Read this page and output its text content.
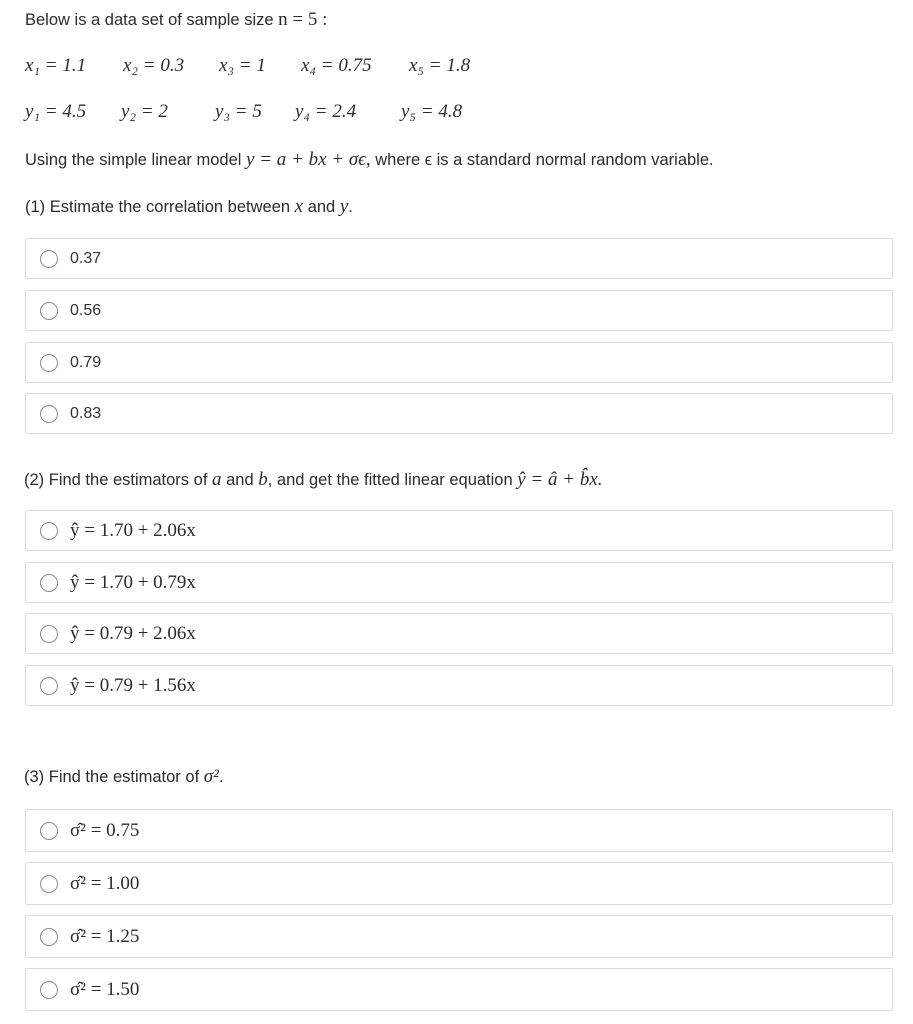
Below is a data set of sample size n = 5 :
x₁ = 1.1 x₂ = 0.3 x₃ = 1 x₄ = 0.75 x₅ = 1.8
y₁ = 4.5 y₂ = 2 y₃ = 5 y₄ = 2.4 y₅ = 4.8
Using the simple linear model y = a + bx + σϵ, where ϵ is a standard normal random variable.
(1) Estimate the correlation between x and y.
0.37
0.56
0.79
0.83
(2) Find the estimators of a and b, and get the fitted linear equation ŷ = â + b̂x.
ŷ = 1.70 + 2.06x
ŷ = 1.70 + 0.79x
ŷ = 0.79 + 2.06x
ŷ = 0.79 + 1.56x
(3) Find the estimator of σ².
σ̂² = 0.75
σ̂² = 1.00
σ̂² = 1.25
σ̂² = 1.50
